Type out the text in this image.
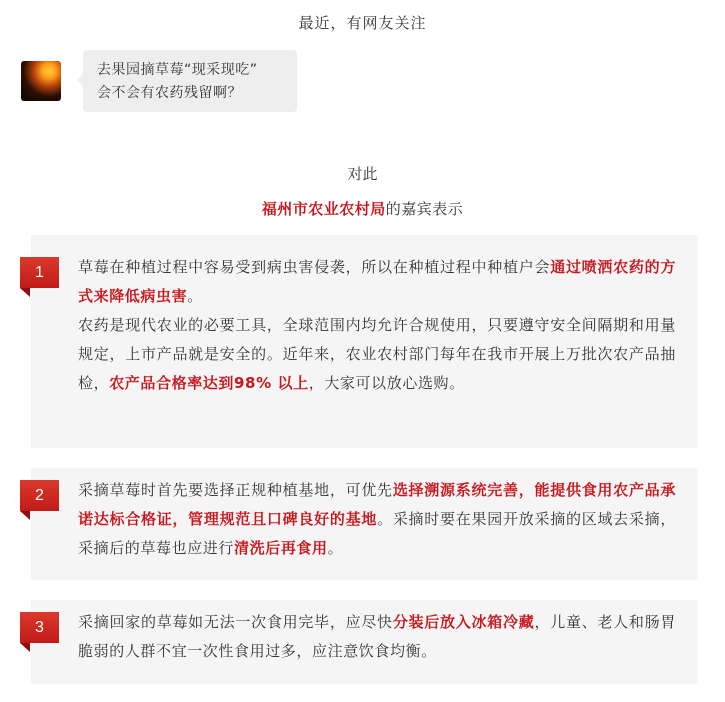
最近，有网友关注
去果园摘草莓“现采现吃”
会不会有农药残留啊？
对此
福州市农业农村局的嘉宾表示
1	草莓在种植过程中容易受到病虫害侵袭，所以在种植过程中种植户会通过喷洒农药的方式来降低病虫害。
农药是现代农业的必要工具，全球范围内均允许合规使用，只要遵守安全间隔期和用量规定，上市产品就是安全的。近年来，农业农村部门每年在我市开展上万批次农产品抽检，农产品合格率达到98% 以上，大家可以放心选购。
2	采摘草莓时首先要选择正规种植基地，可优先选择溯源系统完善，能提供食用农产品承诺达标合格证，管理规范且口碑良好的基地。采摘时要在果园开放采摘的区域去采摘，采摘后的草莓也应进行清洗后再食用。
3	采摘回家的草莓如无法一次食用完毕，应尽快分装后放入冰箱冷藏，儿童、老人和肠胃脆弱的人群不宜一次性食用过多，应注意饮食均衡。
